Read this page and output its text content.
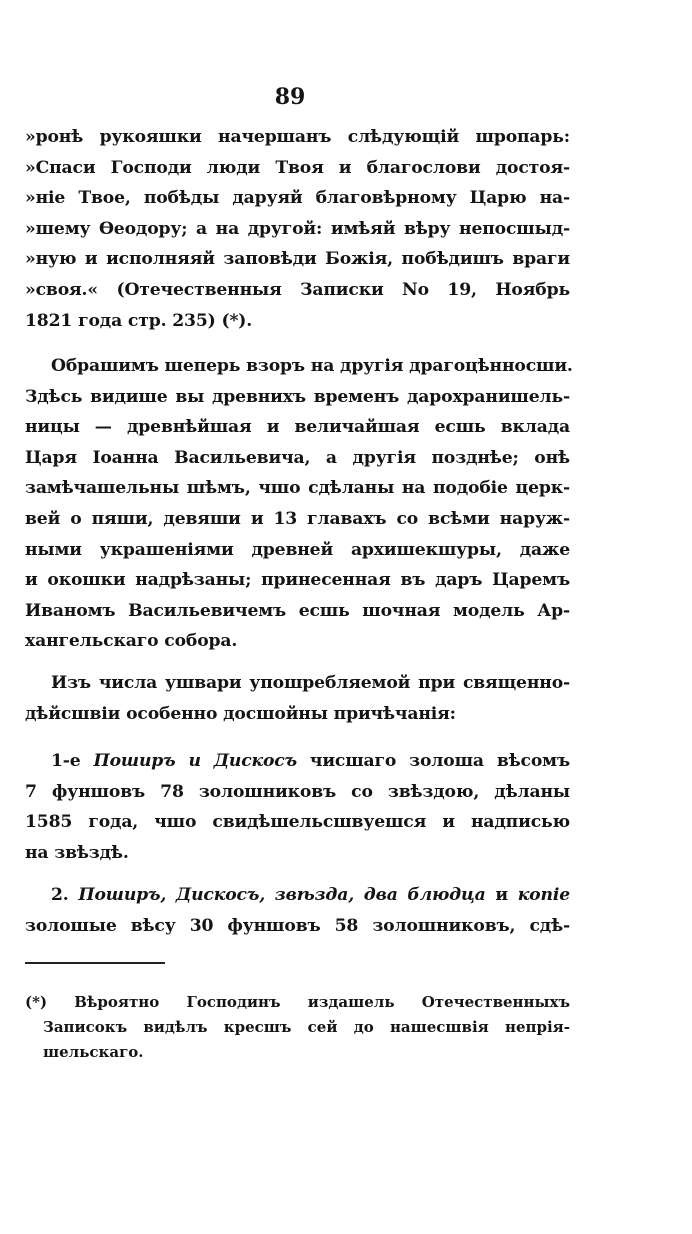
89
»ронѣ рукояшки начершанъ слѣдующій шропарь:
»Спаси Господи люди Твоя и благослови достоя-
»ніе Твое, побѣды даруяй благовѣрному Царю на-
»шему Ѳеодору; а на другой: имѣяй вѣру непосшыд-
»ную и исполняяй заповѣди Божія, побѣдишъ враги
»своя.« (Отечественныя Записки No 19, Ноябрь
1821 года стр. 235) (*).
Обрашимъ шеперь взоръ на другія драгоцѣнносши.
Здѣсь видише вы древнихъ временъ дарохранишель-
ницы — древнѣйшая и величайшая есшь вклада
Царя Іоанна Васильевича, а другія позднѣе; онѣ
замѣчашельны шѣмъ, чшо сдѣланы на подобіе церк-
вей о пяши, девяши и 13 главахъ со всѣми наруж-
ными украшеніями древней архишекшуры, даже
и окошки надрѣзаны; принесенная въ даръ Царемъ
Иваномъ Васильевичемъ есшь шочная модель Ар-
хангельскаго собора.
Изъ числа ушвари упошребляемой при священно-
дѣйсшвіи особенно досшойны причѣчанія:
1-е Поширъ и Дискосъ чисшаго золоша вѣсомъ
7 фуншовъ 78 золошниковъ со звѣздою, дѣланы
1585 года, чшо свидѣшельсшвуешся и надписью
на звѣздѣ.
2. Поширъ, Дискосъ, звѣзда, два блюдца и копіе
золошые вѣсу 30 фуншовъ 58 золошниковъ, сдѣ-
(*) Вѣроятно Господинъ издашель Отечественныхъ
Записокъ видѣлъ кресшъ сей до нашесшвія непрія-
шельскаго.
